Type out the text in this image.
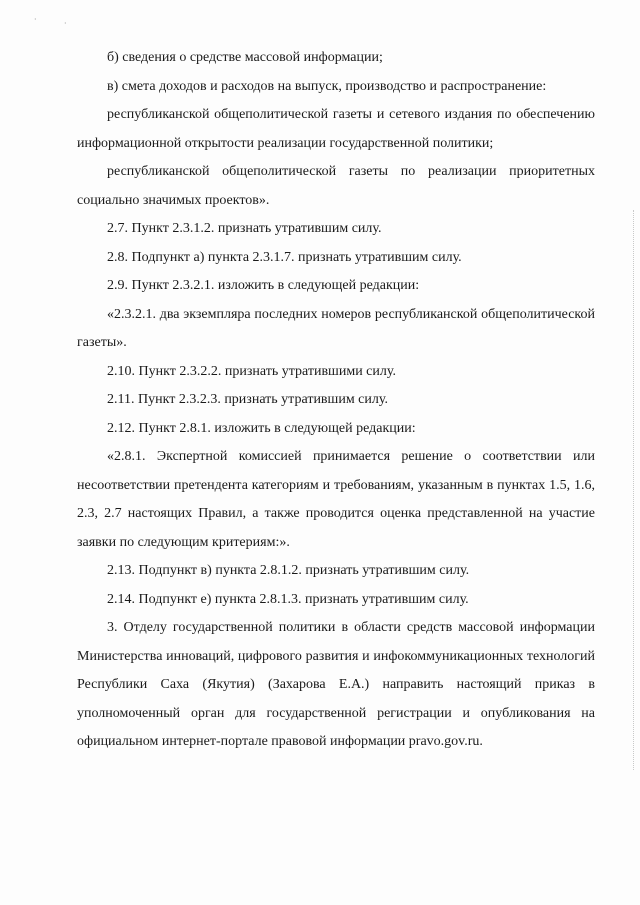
·	·

б) сведения о средстве массовой информации;

в) смета доходов и расходов на выпуск, производство и распространение:

республиканской общеполитической газеты и сетевого издания по обеспечению информационной открытости реализации государственной политики;

республиканской общеполитической газеты по реализации приоритетных социально значимых проектов».

2.7. Пункт 2.3.1.2. признать утратившим силу.

2.8. Подпункт а) пункта 2.3.1.7. признать утратившим силу.

2.9. Пункт 2.3.2.1. изложить в следующей редакции:

«2.3.2.1. два экземпляра последних номеров республиканской общеполитической газеты».

2.10. Пункт 2.3.2.2. признать утратившими силу.

2.11. Пункт 2.3.2.3. признать утратившим силу.

2.12. Пункт 2.8.1. изложить в следующей редакции:

«2.8.1. Экспертной комиссией принимается решение о соответствии или несоответствии претендента категориям и требованиям, указанным в пунктах 1.5, 1.6, 2.3, 2.7 настоящих Правил, а также проводится оценка представленной на участие заявки по следующим критериям:».

2.13. Подпункт в) пункта 2.8.1.2. признать утратившим силу.

2.14. Подпункт е) пункта 2.8.1.3. признать утратившим силу.

3. Отделу государственной политики в области средств массовой информации Министерства инноваций, цифрового развития и инфокоммуникационных технологий Республики Саха (Якутия) (Захарова Е.А.) направить настоящий приказ в уполномоченный орган для государственной регистрации и опубликования на официальном интернет-портале правовой информации pravo.gov.ru.
